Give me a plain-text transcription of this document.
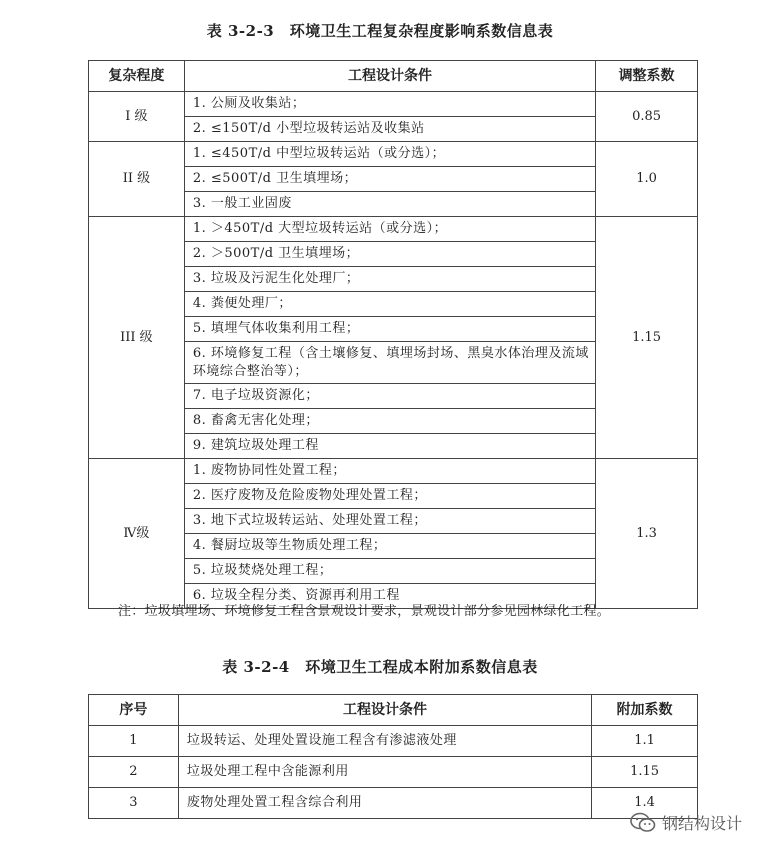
表 3-2-3　环境卫生工程复杂程度影响系数信息表
复杂程度	工程设计条件	调整系数
I 级	1. 公厕及收集站；	0.85
	2. ≤150T/d 小型垃圾转运站及收集站	
II 级	1. ≤450T/d 中型垃圾转运站（或分选）；	1.0
	2. ≤500T/d 卫生填埋场；	
	3. 一般工业固废	
III 级	1. ＞450T/d 大型垃圾转运站（或分选）；	1.15
	2. ＞500T/d 卫生填埋场；	
	3. 垃圾及污泥生化处理厂；	
	4. 粪便处理厂；	
	5. 填埋气体收集利用工程；	
	6. 环境修复工程（含土壤修复、填埋场封场、黑臭水体治理及流域环境综合整治等）；	
	7. 电子垃圾资源化；	
	8. 畜禽无害化处理；	
	9. 建筑垃圾处理工程	
Ⅳ级	1. 废物协同性处置工程；	1.3
	2. 医疗废物及危险废物处理处置工程；	
	3. 地下式垃圾转运站、处理处置工程；	
	4. 餐厨垃圾等生物质处理工程；	
	5. 垃圾焚烧处理工程；	
	6. 垃圾全程分类、资源再利用工程	
注：垃圾填埋场、环境修复工程含景观设计要求，景观设计部分参见园林绿化工程。
表 3-2-4　环境卫生工程成本附加系数信息表
序号	工程设计条件	附加系数
1	垃圾转运、处理处置设施工程含有渗滤液处理	1.1
2	垃圾处理工程中含能源利用	1.15
3	废物处理处置工程含综合利用	1.4
钢结构设计
